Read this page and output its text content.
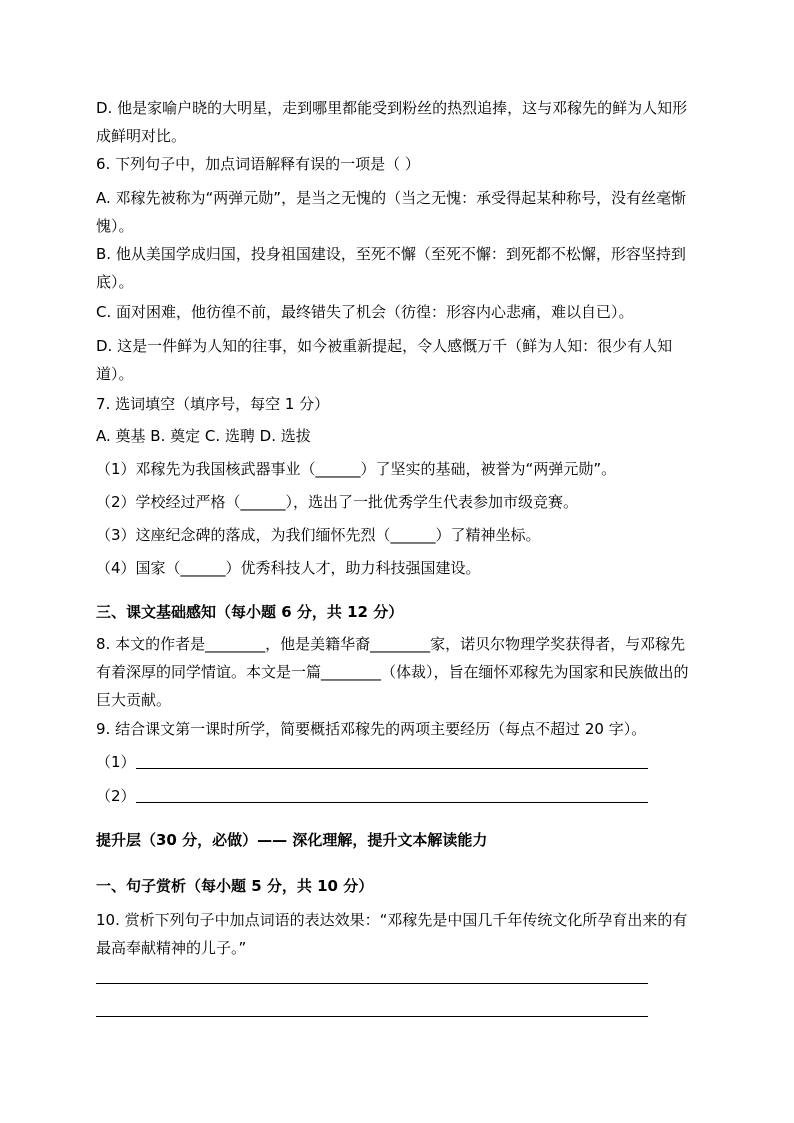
D. 他是家喻户晓的大明星，走到哪里都能受到粉丝的热烈追捧，这与邓稼先的鲜为人知形成鲜明对比。

6. 下列句子中，加点词语解释有误的一项是（ ）

A. 邓稼先被称为“两弹元勋”，是当之无愧的（当之无愧：承受得起某种称号，没有丝毫惭愧）。

B. 他从美国学成归国，投身祖国建设，至死不懈（至死不懈：到死都不松懈，形容坚持到底）。

C. 面对困难，他彷徨不前，最终错失了机会（彷徨：形容内心悲痛，难以自已）。

D. 这是一件鲜为人知的往事，如今被重新提起，令人感慨万千（鲜为人知：很少有人知道）。

7. 选词填空（填序号，每空 1 分）

A. 奠基 B. 奠定 C. 选聘 D. 选拔

（1）邓稼先为我国核武器事业（______）了坚实的基础，被誉为“两弹元勋”。

（2）学校经过严格（______），选出了一批优秀学生代表参加市级竞赛。

（3）这座纪念碑的落成，为我们缅怀先烈（______）了精神坐标。

（4）国家（______）优秀科技人才，助力科技强国建设。

三、课文基础感知（每小题 6 分，共 12 分）

8. 本文的作者是________，他是美籍华裔________家，诺贝尔物理学奖获得者，与邓稼先有着深厚的同学情谊。本文是一篇________（体裁），旨在缅怀邓稼先为国家和民族做出的巨大贡献。

9. 结合课文第一课时所学，简要概括邓稼先的两项主要经历（每点不超过 20 字）。

（1）
（2）

提升层（30 分，必做）—— 深化理解，提升文本解读能力

一、句子赏析（每小题 5 分，共 10 分）

10. 赏析下列句子中加点词语的表达效果：“邓稼先是中国几千年传统文化所孕育出来的有最高奉献精神的儿子。”
